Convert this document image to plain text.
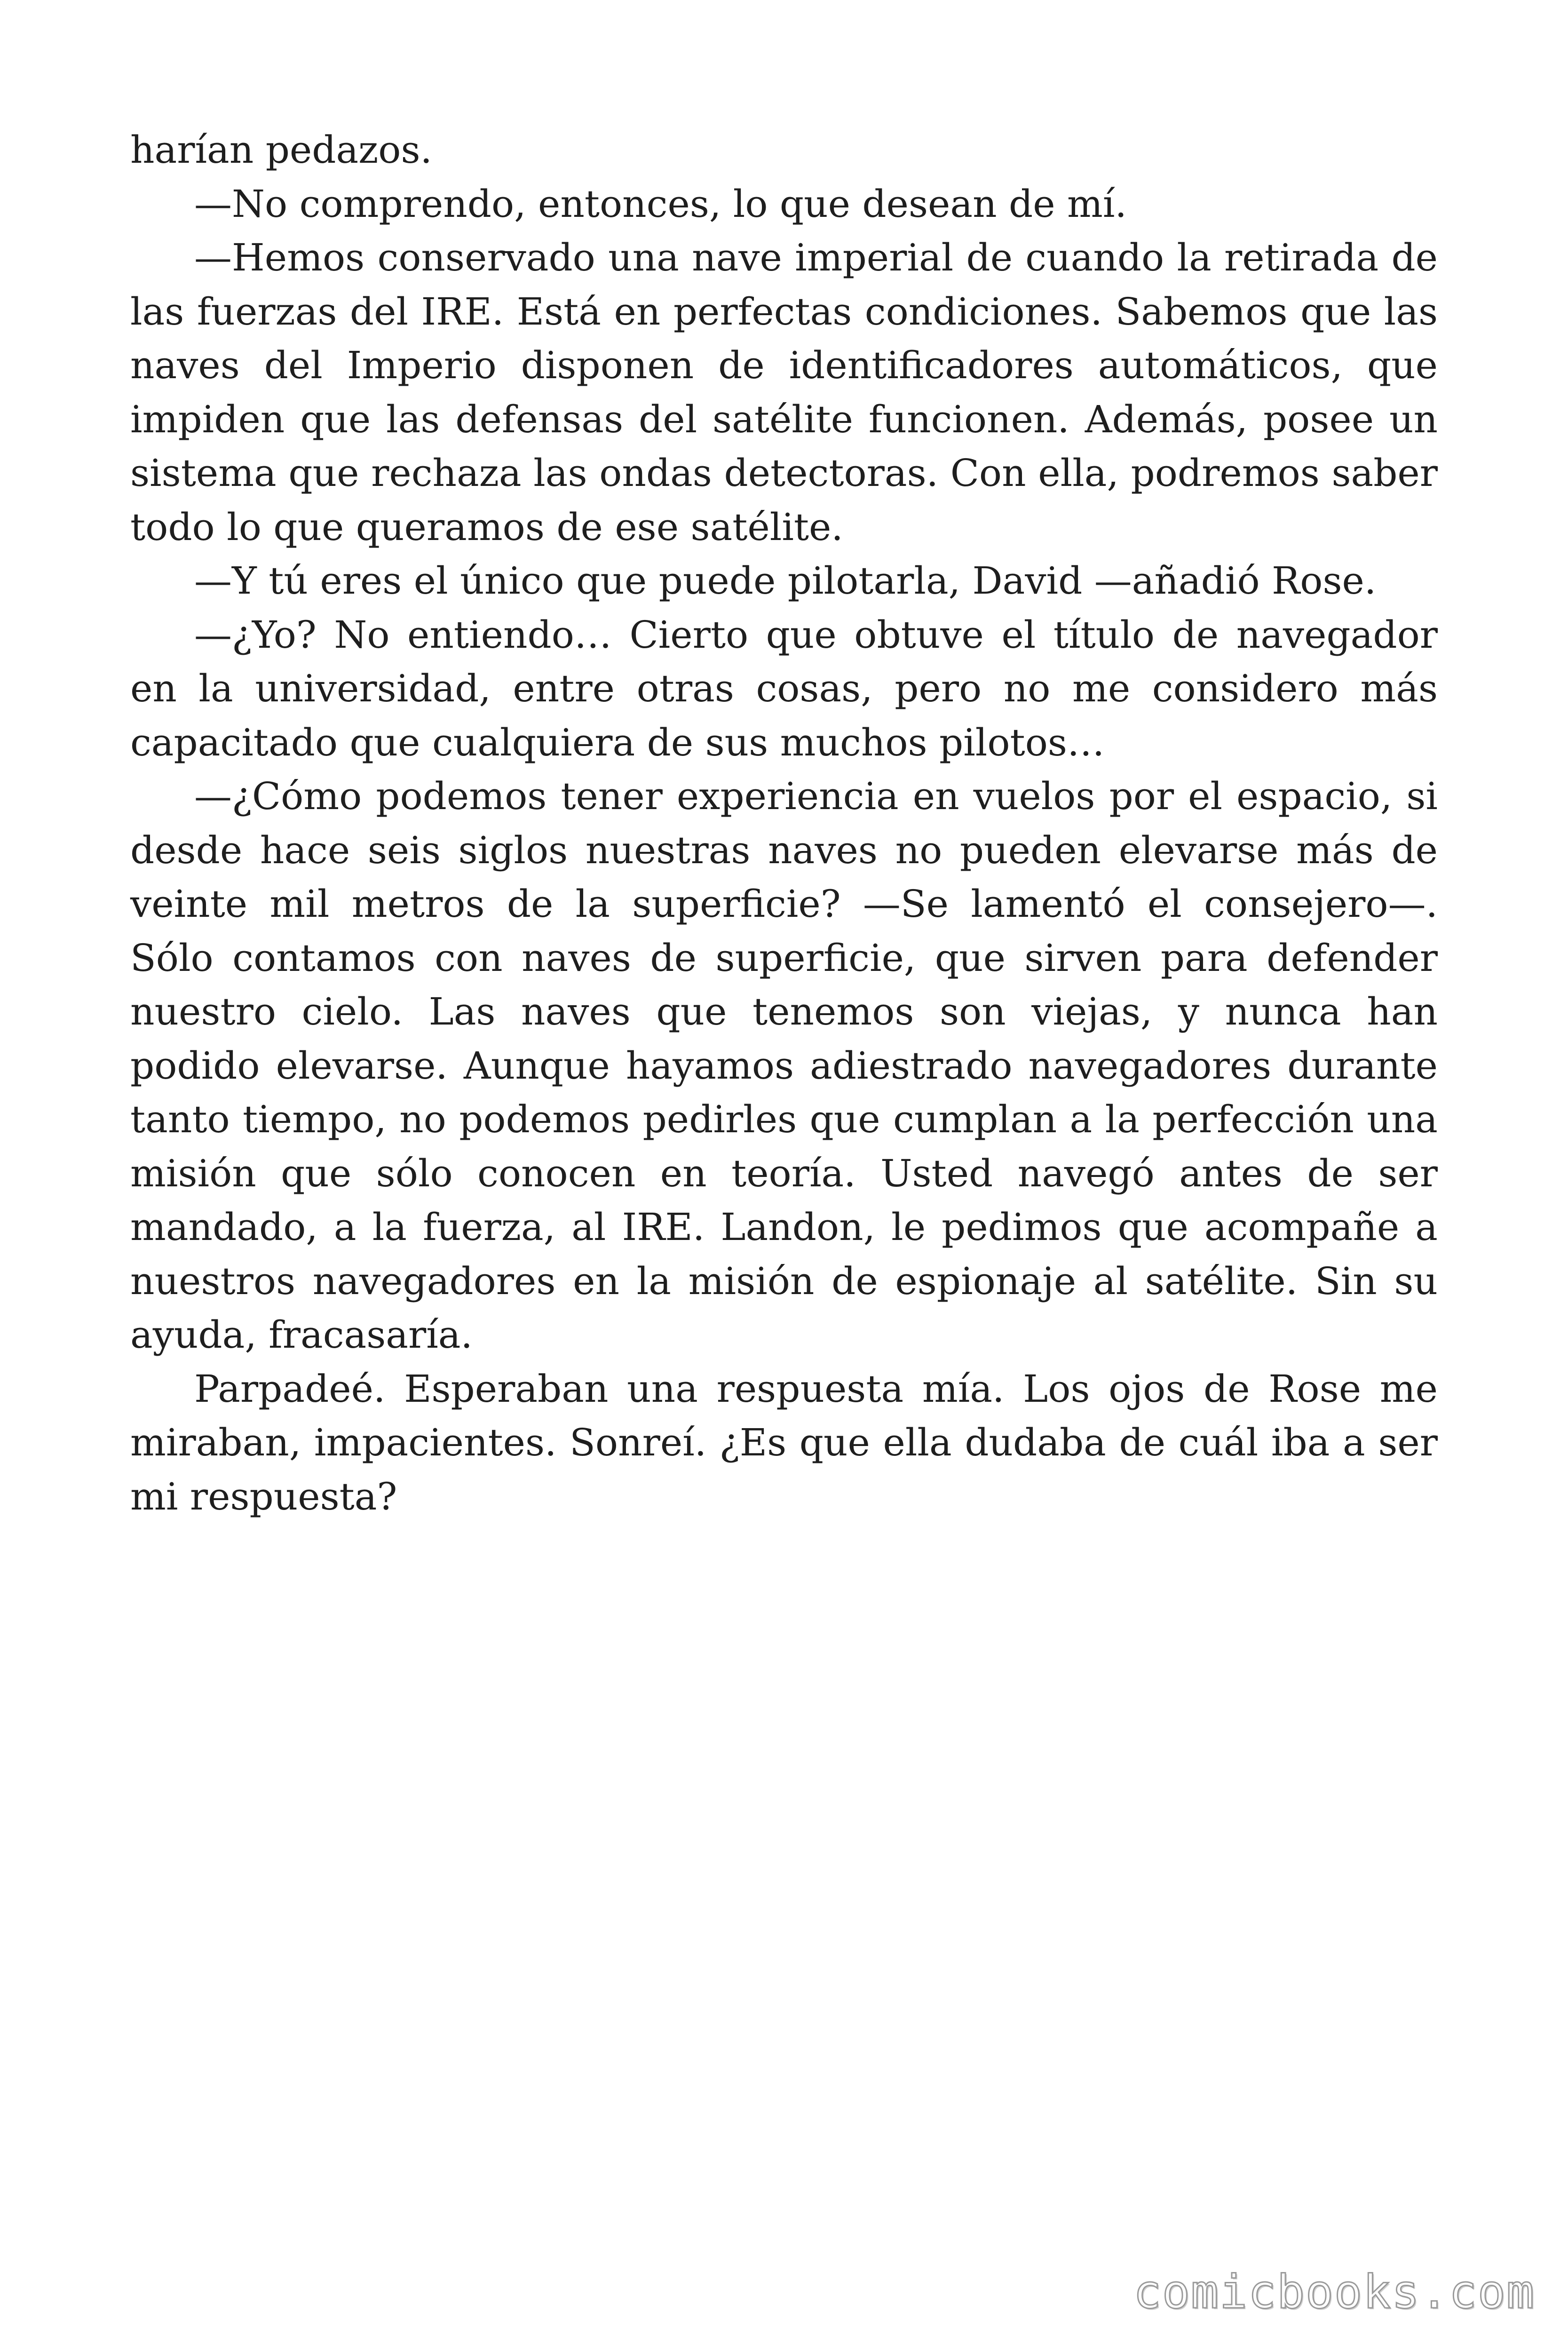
harían pedazos.

—No comprendo, entonces, lo que desean de mí.

—Hemos conservado una nave imperial de cuando la retirada de las fuerzas del IRE. Está en perfectas condiciones. Sabemos que las naves del Imperio disponen de identificadores automáticos, que impiden que las defensas del satélite funcionen. Además, posee un sistema que rechaza las ondas detectoras. Con ella, podremos saber todo lo que queramos de ese satélite.

—Y tú eres el único que puede pilotarla, David —añadió Rose.

—¿Yo? No entiendo… Cierto que obtuve el título de navegador en la universidad, entre otras cosas, pero no me considero más capacitado que cualquiera de sus muchos pilotos…

—¿Cómo podemos tener experiencia en vuelos por el espacio, si desde hace seis siglos nuestras naves no pueden elevarse más de veinte mil metros de la superficie? —Se lamentó el consejero—. Sólo contamos con naves de superficie, que sirven para defender nuestro cielo. Las naves que tenemos son viejas, y nunca han podido elevarse. Aunque hayamos adiestrado navegadores durante tanto tiempo, no podemos pedirles que cumplan a la perfección una misión que sólo conocen en teoría. Usted navegó antes de ser mandado, a la fuerza, al IRE. Landon, le pedimos que acompañe a nuestros navegadores en la misión de espionaje al satélite. Sin su ayuda, fracasaría.

Parpadeé. Esperaban una respuesta mía. Los ojos de Rose me miraban, impacientes. Sonreí. ¿Es que ella dudaba de cuál iba a ser mi respuesta?

comicbooks.com
